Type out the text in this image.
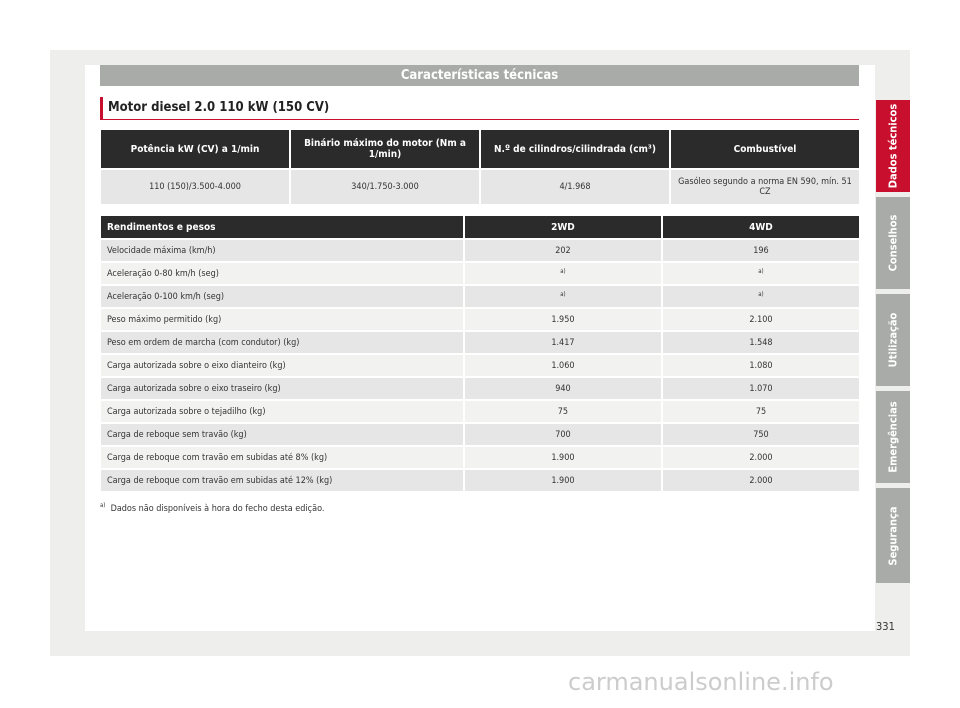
Características técnicas
Motor diesel 2.0 110 kW (150 CV)
Potência kW (CV) a 1/min	Binário máximo do motor (Nm a 1/min)	N.º de cilindros/cilindrada (cm³)	Combustível
110 (150)/3.500-4.000	340/1.750-3.000	4/1.968	Gasóleo segundo a norma EN 590, mín. 51 CZ
Rendimentos e pesos	2WD	4WD
Velocidade máxima (km/h)	202	196
Aceleração 0-80 km/h (seg)	$^{a)}$	$^{a)}$
Aceleração 0-100 km/h (seg)	$^{a)}$	$^{a)}$
Peso máximo permitido (kg)	1.950	2.100
Peso em ordem de marcha (com condutor) (kg)	1.417	1.548
Carga autorizada sobre o eixo dianteiro (kg)	1.060	1.080
Carga autorizada sobre o eixo traseiro (kg)	940	1.070
Carga autorizada sobre o tejadilho (kg)	75	75
Carga de reboque sem travão (kg)	700	750
Carga de reboque com travão em subidas até 8% (kg)	1.900	2.000
Carga de reboque com travão em subidas até 12% (kg)	1.900	2.000
$^{a)}$ Dados não disponíveis à hora do fecho desta edição.
Dados técnicos
Conselhos
Utilização
Emergências
Segurança
331
carmanualsonline.info
